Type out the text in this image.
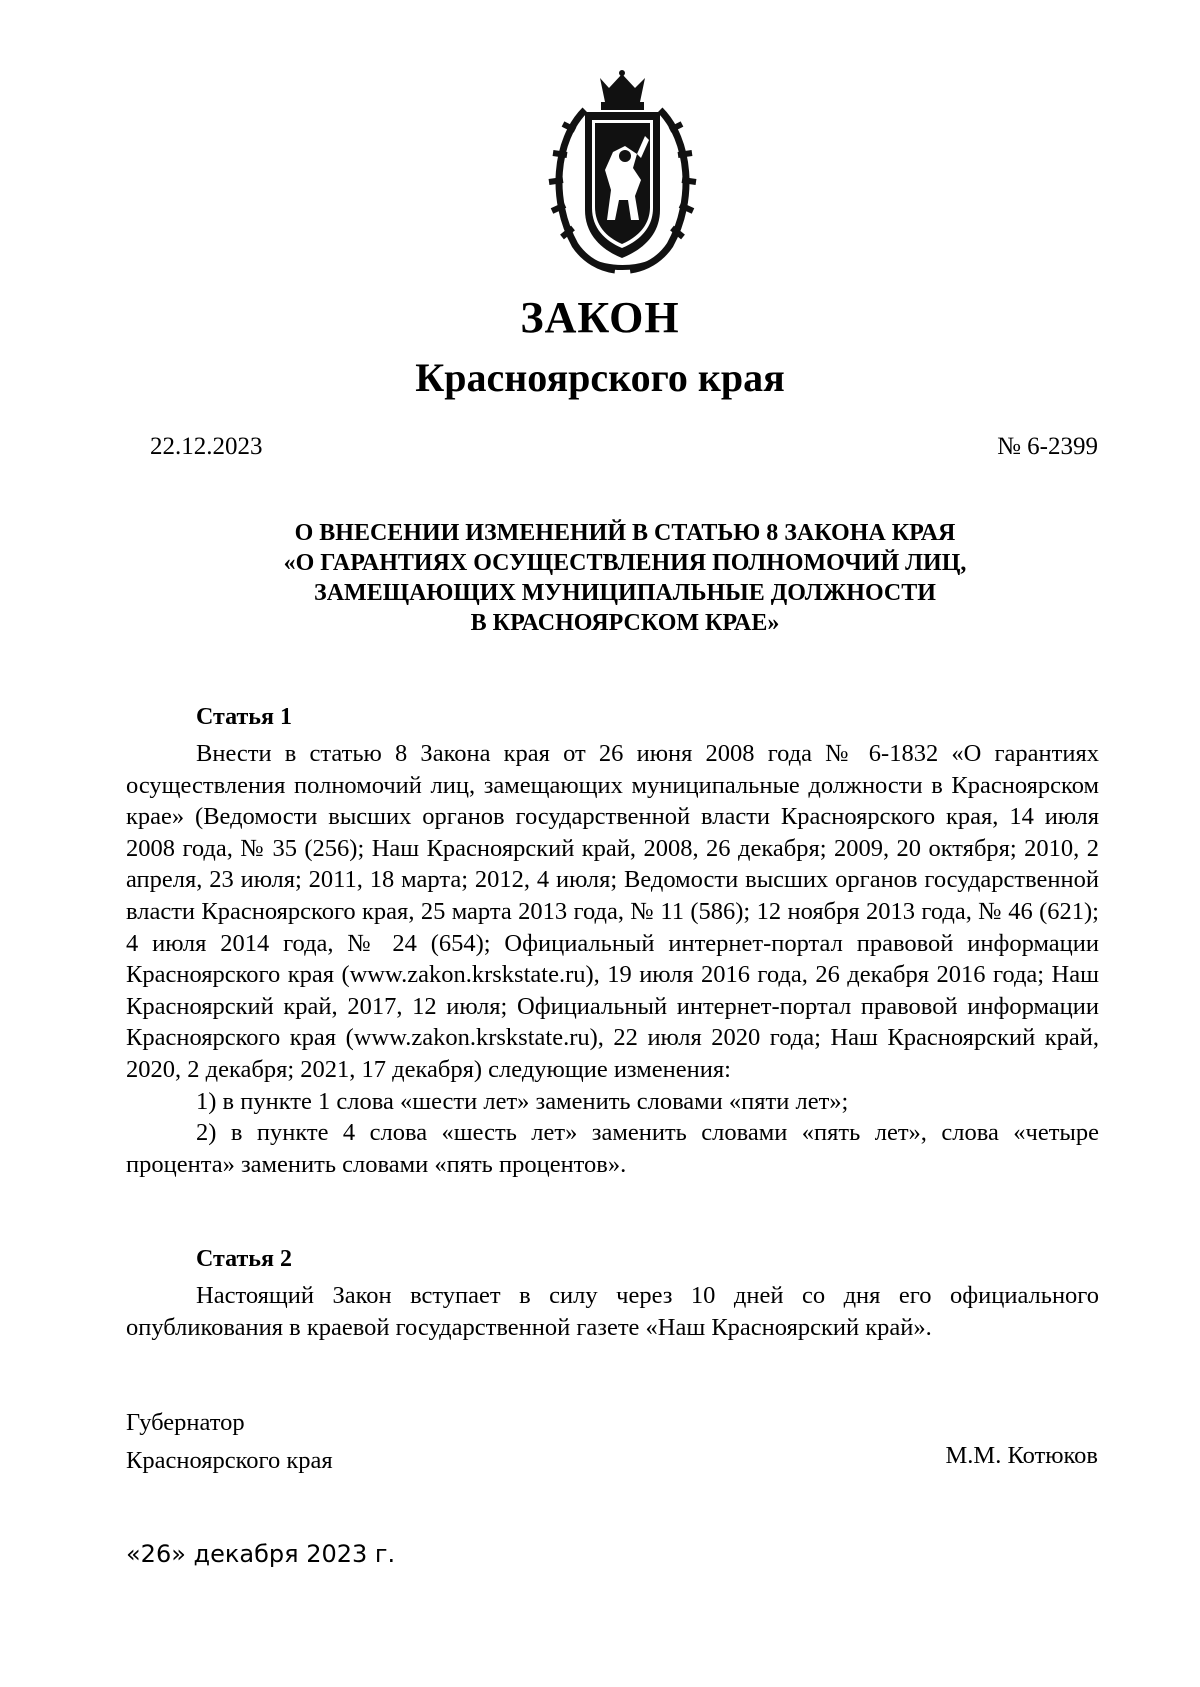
ЗАКОН
Красноярского края
22.12.2023	№ 6-2399
О ВНЕСЕНИИ ИЗМЕНЕНИЙ В СТАТЬЮ 8 ЗАКОНА КРАЯ
«О ГАРАНТИЯХ ОСУЩЕСТВЛЕНИЯ ПОЛНОМОЧИЙ ЛИЦ,
ЗАМЕЩАЮЩИХ МУНИЦИПАЛЬНЫЕ ДОЛЖНОСТИ
В КРАСНОЯРСКОМ КРАЕ»
Статья 1

Внести в статью 8 Закона края от 26 июня 2008 года № 6-1832 «О гарантиях осуществления полномочий лиц, замещающих муниципальные должности в Красноярском крае» (Ведомости высших органов государственной власти Красноярского края, 14 июля 2008 года, № 35 (256); Наш Красноярский край, 2008, 26 декабря; 2009, 20 октября; 2010, 2 апреля, 23 июля; 2011, 18 марта; 2012, 4 июля; Ведомости высших органов государственной власти Красноярского края, 25 марта 2013 года, № 11 (586); 12 ноября 2013 года, № 46 (621); 4 июля 2014 года, № 24 (654); Официальный интернет-портал правовой информации Красноярского края (www.zakon.krskstate.ru), 19 июля 2016 года, 26 декабря 2016 года; Наш Красноярский край, 2017, 12 июля; Официальный интернет-портал правовой информации Красноярского края (www.zakon.krskstate.ru), 22 июля 2020 года; Наш Красноярский край, 2020, 2 декабря; 2021, 17 декабря) следующие изменения:

1) в пункте 1 слова «шести лет» заменить словами «пяти лет»;

2) в пункте 4 слова «шесть лет» заменить словами «пять лет», слова «четыре процента» заменить словами «пять процентов».

Статья 2

Настоящий Закон вступает в силу через 10 дней со дня его официального опубликования в краевой государственной газете «Наш Красноярский край».

Губернатор
Красноярского края	М.М. Котюков
«26» декабря 2023 г.
